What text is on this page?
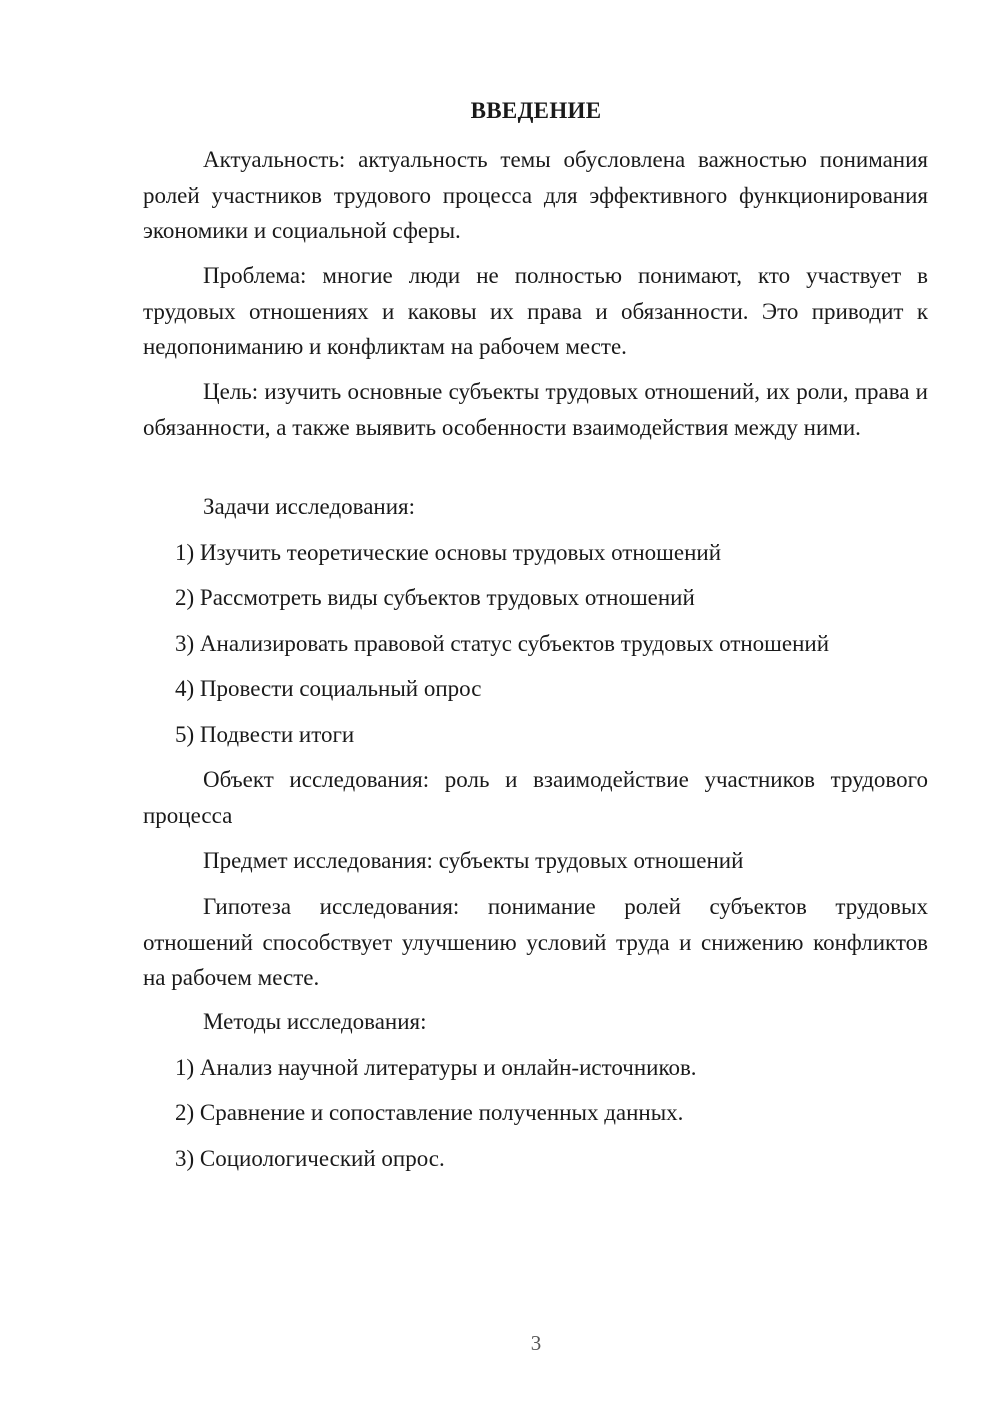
ВВЕДЕНИЕ

Актуальность: актуальность темы обусловлена важностью понимания ролей участников трудового процесса для эффективного функционирования экономики и социальной сферы.

Проблема: многие люди не полностью понимают, кто участвует в трудовых отношениях и каковы их права и обязанности. Это приводит к недопониманию и конфликтам на рабочем месте.

Цель: изучить основные субъекты трудовых отношений, их роли, права и обязанности, а также выявить особенности взаимодействия между ними.

Задачи исследования:

1) Изучить теоретические основы трудовых отношений
2) Рассмотреть виды субъектов трудовых отношений
3) Анализировать правовой статус субъектов трудовых отношений
4) Провести социальный опрос
5) Подвести итоги

Объект исследования: роль и взаимодействие участников трудового процесса

Предмет исследования: субъекты трудовых отношений

Гипотеза исследования: понимание ролей субъектов трудовых отношений способствует улучшению условий труда и снижению конфликтов на рабочем месте.

Методы исследования:

1) Анализ научной литературы и онлайн-источников.
2) Сравнение и сопоставление полученных данных.
3) Социологический опрос.
3
